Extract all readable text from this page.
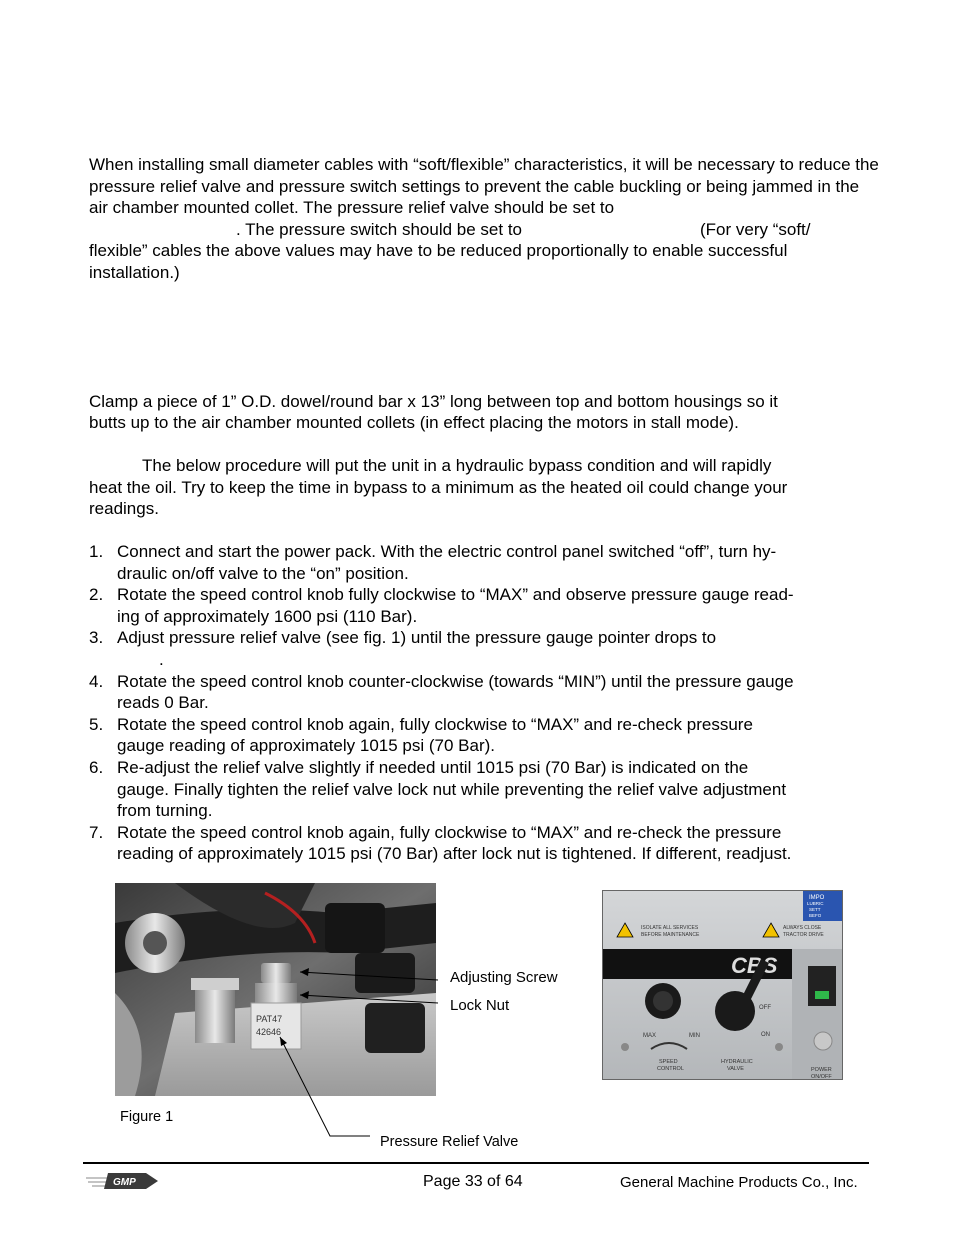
When installing small diameter cables with “soft/flexible” characteristics, it will be necessary to reduce the pressure relief valve and pressure switch settings to prevent the cable buckling or being jammed in the air chamber mounted collet. The pressure relief valve should be set to

. The pressure switch should be set to	(For very “soft/

flexible” cables the above values may have to be reduced proportionally to enable successful

installation.)

Clamp a piece of 1” O.D. dowel/round bar x 13” long between top and bottom housings so it

butts up to the air chamber mounted collets (in effect placing the motors in stall mode).

The below procedure will put the unit in a hydraulic bypass condition and will rapidly

heat the oil. Try to keep the time in bypass to a minimum as the heated oil could change your

readings.

1. Connect and start the power pack. With the electric control panel switched “off”, turn hy-
draulic on/off valve to the “on” position.
2. Rotate the speed control knob fully clockwise to “MAX” and observe pressure gauge read-
ing of approximately 1600 psi (110 Bar).
3. Adjust pressure relief valve (see fig. 1) until the pressure gauge pointer drops to
.
4. Rotate the speed control knob counter-clockwise (towards “MIN”) until the pressure gauge
reads 0 Bar.
5. Rotate the speed control knob again, fully clockwise to “MAX” and re-check pressure
gauge reading of approximately 1015 psi (70 Bar).
6. Re-adjust the relief valve slightly if needed until 1015 psi (70 Bar) is indicated on the
gauge. Finally tighten the relief valve lock nut while preventing the relief valve adjustment
from turning.
7. Rotate the speed control knob again, fully clockwise to “MAX” and re-check the pressure
reading of approximately 1015 psi (70 Bar) after lock nut is tightened. If different, readjust.
PAT47
42646
Adjusting Screw
Lock Nut
Figure 1
Pressure Relief Valve
IMPO
LUBRIC
SETT
BEFO
ISOLATE ALL SERVICES
BEFORE MAINTENANCE
ALWAYS CLOSE
TRACTOR DRIVE
CBS
MAX	MIN
OFF
ON
SPEED
CONTROL
HYDRAULIC
VALVE	POWER
ON/OFF
GMP	Page 33 of 64	General Machine Products Co., Inc.
